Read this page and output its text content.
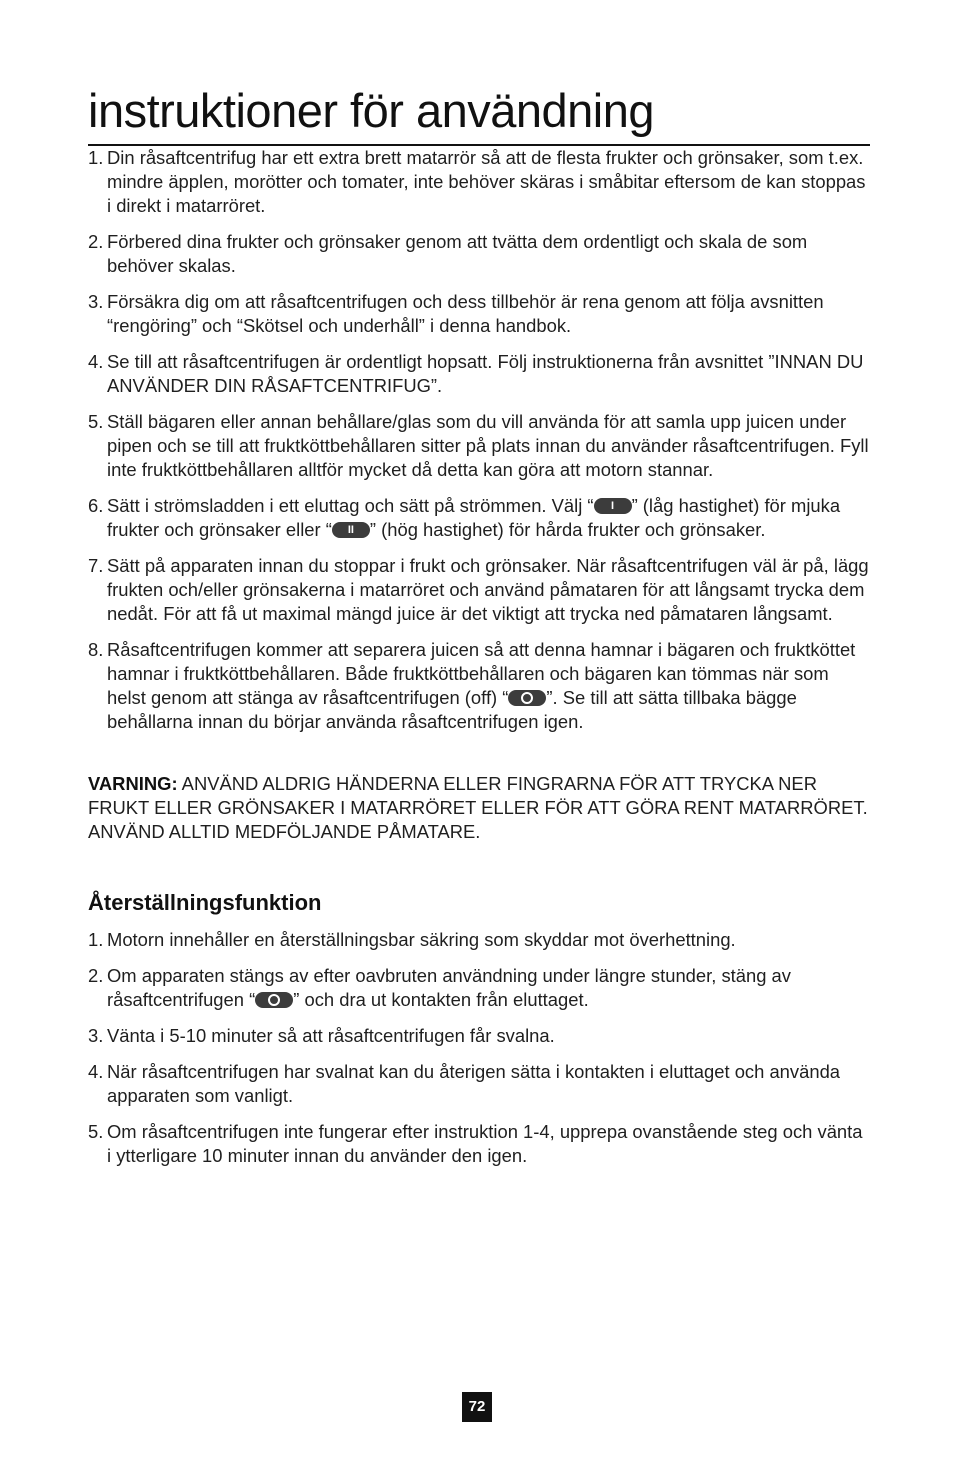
instruktioner för användning
1. Din råsaftcentrifug har ett extra brett matarrör så att de flesta frukter och grönsaker, som t.ex. mindre äpplen, morötter och tomater, inte behöver skäras i småbitar eftersom de kan stoppas i direkt i matarröret.
2. Förbered dina frukter och grönsaker genom att tvätta dem ordentligt och skala de som behöver skalas.
3. Försäkra dig om att råsaftcentrifugen och dess tillbehör är rena genom att följa avsnitten “rengöring” och “Skötsel och underhåll” i denna handbok.
4. Se till att råsaftcentrifugen är ordentligt hopsatt. Följ instruktionerna från avsnittet ”INNAN DU ANVÄNDER DIN RÅSAFTCENTRIFUG”.
5. Ställ bägaren eller annan behållare/glas som du vill använda för att samla upp juicen under pipen och se till att fruktköttbehållaren sitter på plats innan du använder råsaftcentrifugen. Fyll inte fruktköttbehållaren alltför mycket då detta kan göra att motorn stannar.
6. Sätt i strömsladden i ett eluttag och sätt på strömmen. Välj “	I ” (låg hastighet) för mjuka frukter och grönsaker eller “	II ” (hög hastighet) för hårda frukter och grönsaker.
7. Sätt på apparaten innan du stoppar i frukt och grönsaker. När råsaftcentrifugen väl är på, lägg frukten och/eller grönsakerna i matarröret och använd påmataren för att långsamt trycka dem nedåt. För att få ut maximal mängd juice är det viktigt att trycka ned påmataren långsamt.
8. Råsaftcentrifugen kommer att separera juicen så att denna hamnar i bägaren och fruktköttet hamnar i fruktköttbehållaren. Både fruktköttbehållaren och bägaren kan tömmas när som helst genom att stänga av råsaftcentrifugen (off) “ ”. Se till att sätta tillbaka bägge behållarna innan du börjar använda råsaftcentrifugen igen.

VARNING: ANVÄND ALDRIG HÄNDERNA ELLER FINGRARNA FÖR ATT TRYCKA NER FRUKT ELLER GRÖNSAKER I MATARRÖRET ELLER FÖR ATT GÖRA RENT MATARRÖRET. ANVÄND ALLTID MEDFÖLJANDE PÅMATARE.

Återställningsfunktion
1. Motorn innehåller en återställningsbar säkring som skyddar mot överhettning.
2. Om apparaten stängs av efter oavbruten användning under längre stunder, stäng av råsaftcentrifugen “ ” och dra ut kontakten från eluttaget.
3. Vänta i 5-10 minuter så att råsaftcentrifugen får svalna.
4. När råsaftcentrifugen har svalnat kan du återigen sätta i kontakten i eluttaget och använda apparaten som vanligt.
5. Om råsaftcentrifugen inte fungerar efter instruktion 1-4, upprepa ovanstående steg och vänta i ytterligare 10 minuter innan du använder den igen.
72
